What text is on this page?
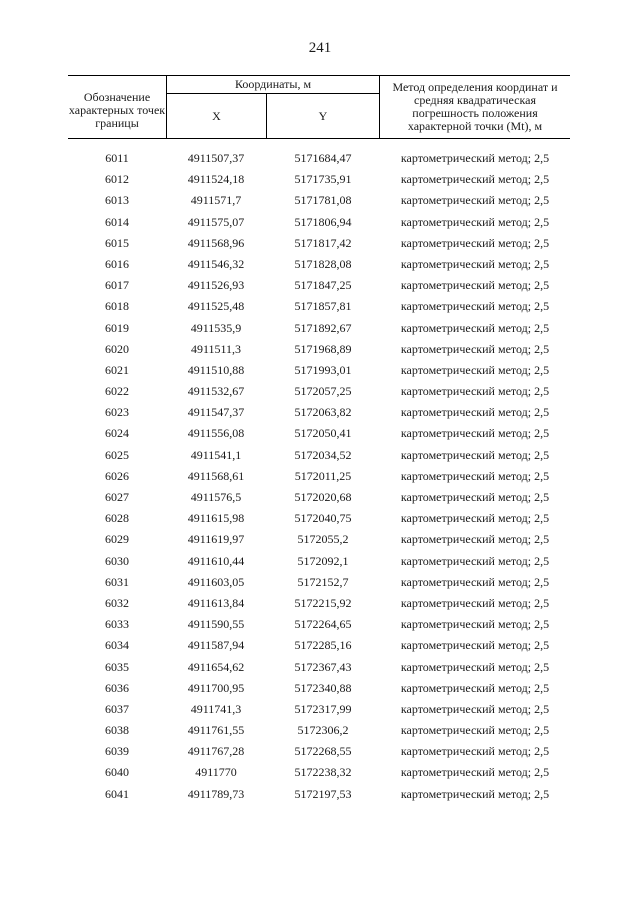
241
Обозначение характерных точек границы
Координаты, м
X	Y
Метод определения координат и средняя квадратическая погрешность положения характерной точки (Mt), м
6011	4911507,37	5171684,47	картометрический метод; 2,5
6012	4911524,18	5171735,91	картометрический метод; 2,5
6013	4911571,7	5171781,08	картометрический метод; 2,5
6014	4911575,07	5171806,94	картометрический метод; 2,5
6015	4911568,96	5171817,42	картометрический метод; 2,5
6016	4911546,32	5171828,08	картометрический метод; 2,5
6017	4911526,93	5171847,25	картометрический метод; 2,5
6018	4911525,48	5171857,81	картометрический метод; 2,5
6019	4911535,9	5171892,67	картометрический метод; 2,5
6020	4911511,3	5171968,89	картометрический метод; 2,5
6021	4911510,88	5171993,01	картометрический метод; 2,5
6022	4911532,67	5172057,25	картометрический метод; 2,5
6023	4911547,37	5172063,82	картометрический метод; 2,5
6024	4911556,08	5172050,41	картометрический метод; 2,5
6025	4911541,1	5172034,52	картометрический метод; 2,5
6026	4911568,61	5172011,25	картометрический метод; 2,5
6027	4911576,5	5172020,68	картометрический метод; 2,5
6028	4911615,98	5172040,75	картометрический метод; 2,5
6029	4911619,97	5172055,2	картометрический метод; 2,5
6030	4911610,44	5172092,1	картометрический метод; 2,5
6031	4911603,05	5172152,7	картометрический метод; 2,5
6032	4911613,84	5172215,92	картометрический метод; 2,5
6033	4911590,55	5172264,65	картометрический метод; 2,5
6034	4911587,94	5172285,16	картометрический метод; 2,5
6035	4911654,62	5172367,43	картометрический метод; 2,5
6036	4911700,95	5172340,88	картометрический метод; 2,5
6037	4911741,3	5172317,99	картометрический метод; 2,5
6038	4911761,55	5172306,2	картометрический метод; 2,5
6039	4911767,28	5172268,55	картометрический метод; 2,5
6040	4911770	5172238,32	картометрический метод; 2,5
6041	4911789,73	5172197,53	картометрический метод; 2,5
